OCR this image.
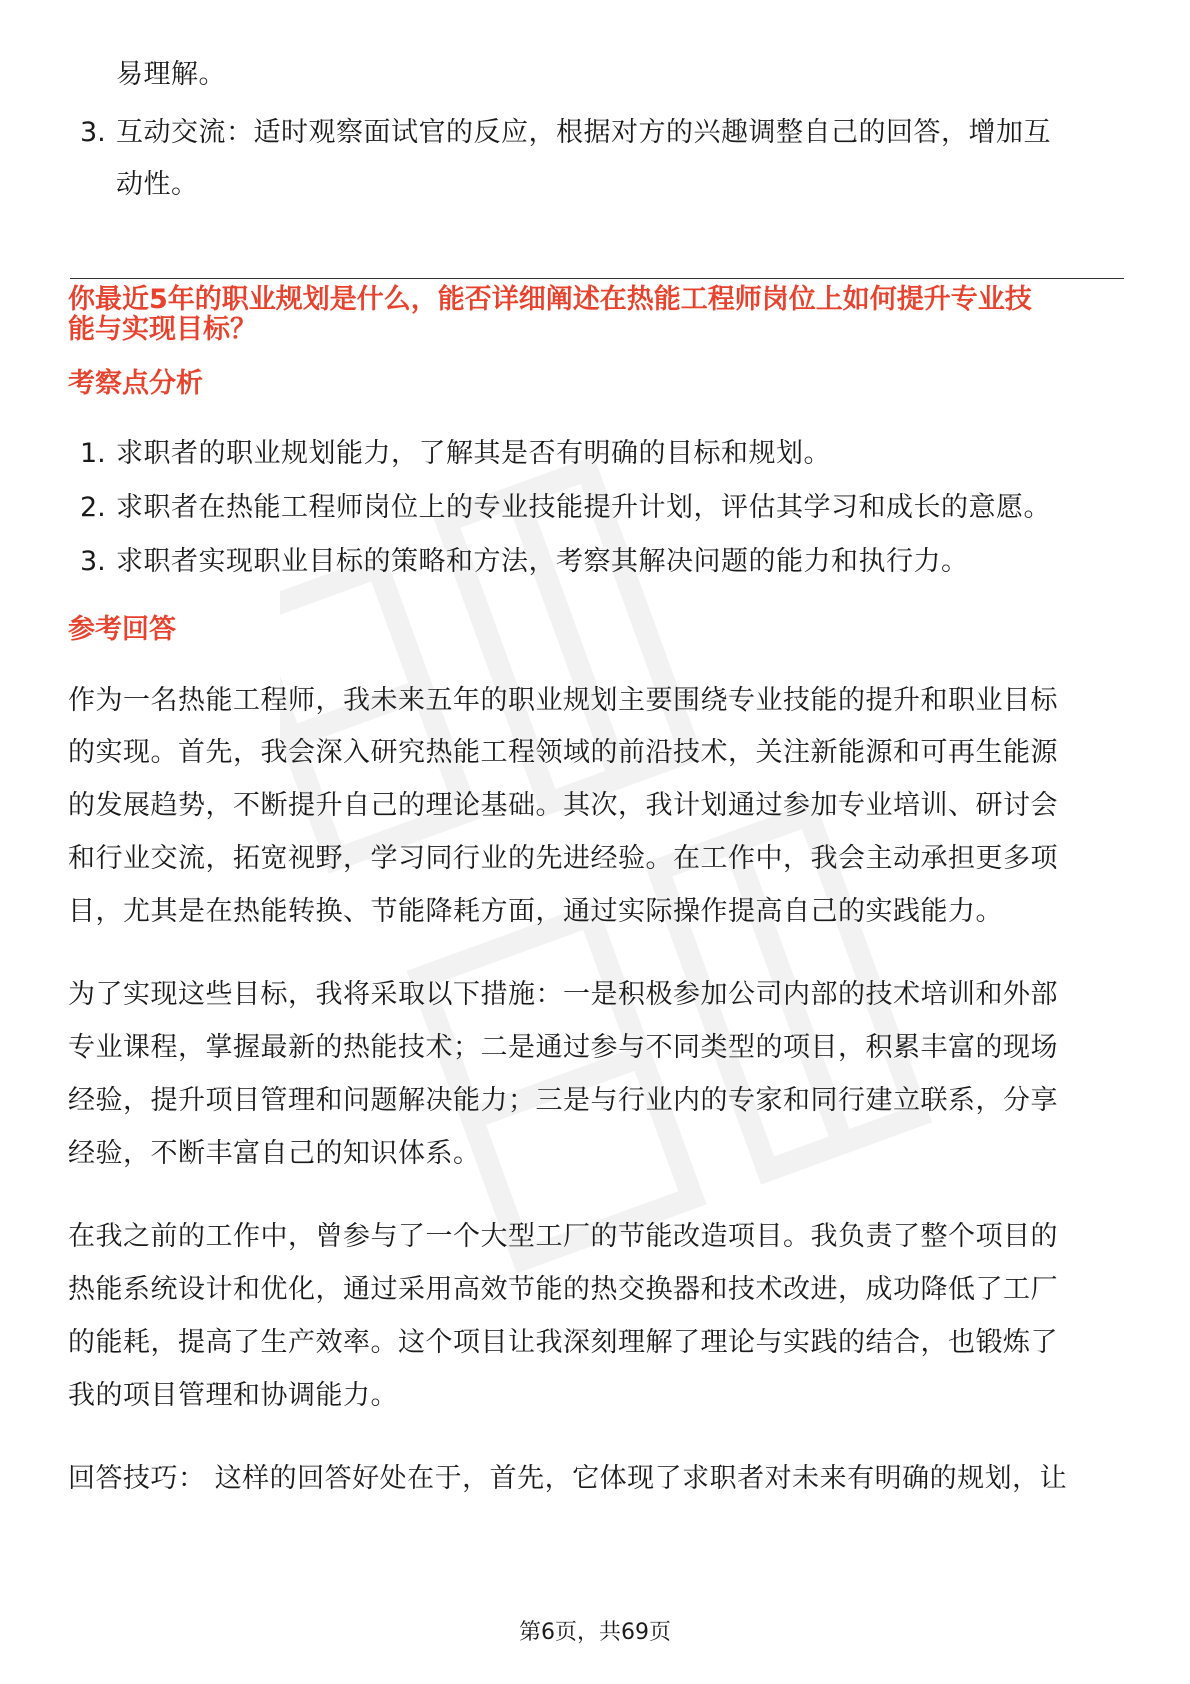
易理解。
3. 互动交流：适时观察面试官的反应，根据对方的兴趣调整自己的回答，增加互
动性。
你最近5年的职业规划是什么，能否详细阐述在热能工程师岗位上如何提升专业技
能与实现目标？
考察点分析
1. 求职者的职业规划能力，了解其是否有明确的目标和规划。
2. 求职者在热能工程师岗位上的专业技能提升计划，评估其学习和成长的意愿。
3. 求职者实现职业目标的策略和方法，考察其解决问题的能力和执行力。
参考回答
作为一名热能工程师，我未来五年的职业规划主要围绕专业技能的提升和职业目标
的实现。首先，我会深入研究热能工程领域的前沿技术，关注新能源和可再生能源
的发展趋势，不断提升自己的理论基础。其次，我计划通过参加专业培训、研讨会
和行业交流，拓宽视野，学习同行业的先进经验。在工作中，我会主动承担更多项
目，尤其是在热能转换、节能降耗方面，通过实际操作提高自己的实践能力。
为了实现这些目标，我将采取以下措施：一是积极参加公司内部的技术培训和外部
专业课程，掌握最新的热能技术；二是通过参与不同类型的项目，积累丰富的现场
经验，提升项目管理和问题解决能力；三是与行业内的专家和同行建立联系，分享
经验，不断丰富自己的知识体系。
在我之前的工作中，曾参与了一个大型工厂的节能改造项目。我负责了整个项目的
热能系统设计和优化，通过采用高效节能的热交换器和技术改进，成功降低了工厂
的能耗，提高了生产效率。这个项目让我深刻理解了理论与实践的结合，也锻炼了
我的项目管理和协调能力。
回答技巧： 这样的回答好处在于，首先，它体现了求职者对未来有明确的规划，让
第6页，共69页
